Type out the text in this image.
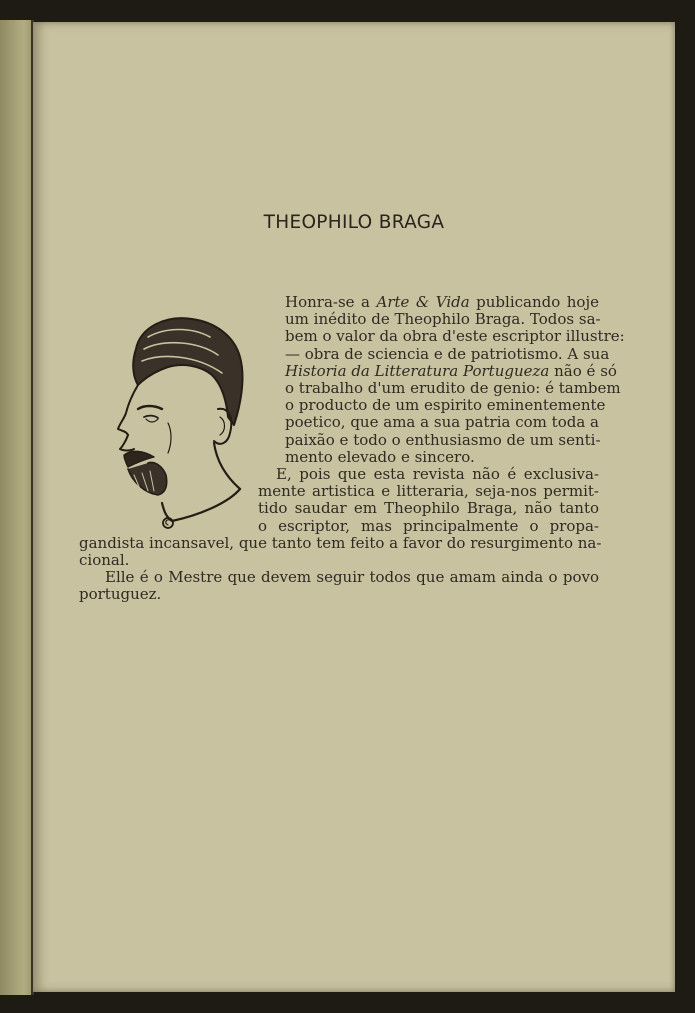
THEOPHILO BRAGA
Honra-se a Arte & Vida publicando hoje
um inédito de Theophilo Braga. Todos sa-
bem o valor da obra d'este escriptor illustre:
— obra de sciencia e de patriotismo. A sua
Historia da Litteratura Portugueza não é só
o trabalho d'um erudito de genio: é tambem
o producto de um espirito eminentemente
poetico, que ama a sua patria com toda a
paixão e todo o enthusiasmo de um senti-
mento elevado e sincero.
E, pois que esta revista não é exclusiva-
mente artistica e litteraria, seja-nos permit-
tido saudar em Theophilo Braga, não tanto
o escriptor, mas principalmente o propa-
gandista incansavel, que tanto tem feito a favor do resurgimento na-
cional.
Elle é o Mestre que devem seguir todos que amam ainda o povo
portuguez.
